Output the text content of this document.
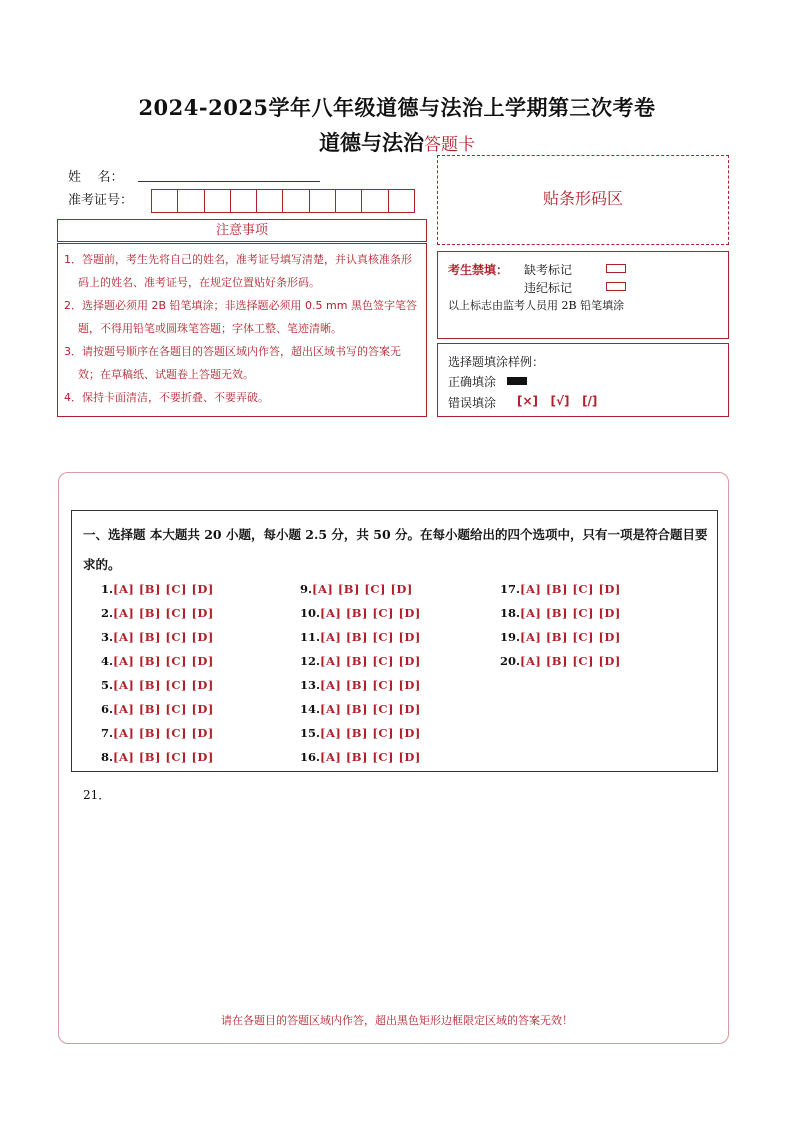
2024-2025学年八年级道德与法治上学期第三次考卷
道德与法治答题卡
姓    名：
准考证号：
注意事项
1．答题前，考生先将自己的姓名，准考证号填写清楚，并认真核准条形码上的姓名、准考证号，在规定位置贴好条形码。
2．选择题必须用 2B 铅笔填涂；非选择题必须用 0.5 mm 黑色签字笔答题，不得用铅笔或圆珠笔答题；字体工整、笔迹清晰。
3．请按题号顺序在各题目的答题区域内作答，超出区域书写的答案无效；在草稿纸、试题卷上答题无效。
4．保持卡面清洁，不要折叠、不要弄破。
贴条形码区
考生禁填： 缺考标记
违纪标记
以上标志由监考人员用 2B 铅笔填涂
选择题填涂样例：
正确填涂
错误填涂 [×]   [√]   [/]
一、选择题 本大题共 20 小题，每小题 2.5 分，共 50 分。在每小题给出的四个选项中，只有一项是符合题目要求的。
1.[A] [B] [C] [D]
2.[A] [B] [C] [D]
3.[A] [B] [C] [D]
4.[A] [B] [C] [D]
5.[A] [B] [C] [D]
6.[A] [B] [C] [D]
7.[A] [B] [C] [D]
8.[A] [B] [C] [D]
9.[A] [B] [C] [D]
10.[A] [B] [C] [D]
11.[A] [B] [C] [D]
12.[A] [B] [C] [D]
13.[A] [B] [C] [D]
14.[A] [B] [C] [D]
15.[A] [B] [C] [D]
16.[A] [B] [C] [D]
17.[A] [B] [C] [D]
18.[A] [B] [C] [D]
19.[A] [B] [C] [D]
20.[A] [B] [C] [D]
21．
请在各题目的答题区域内作答，超出黑色矩形边框限定区域的答案无效！
